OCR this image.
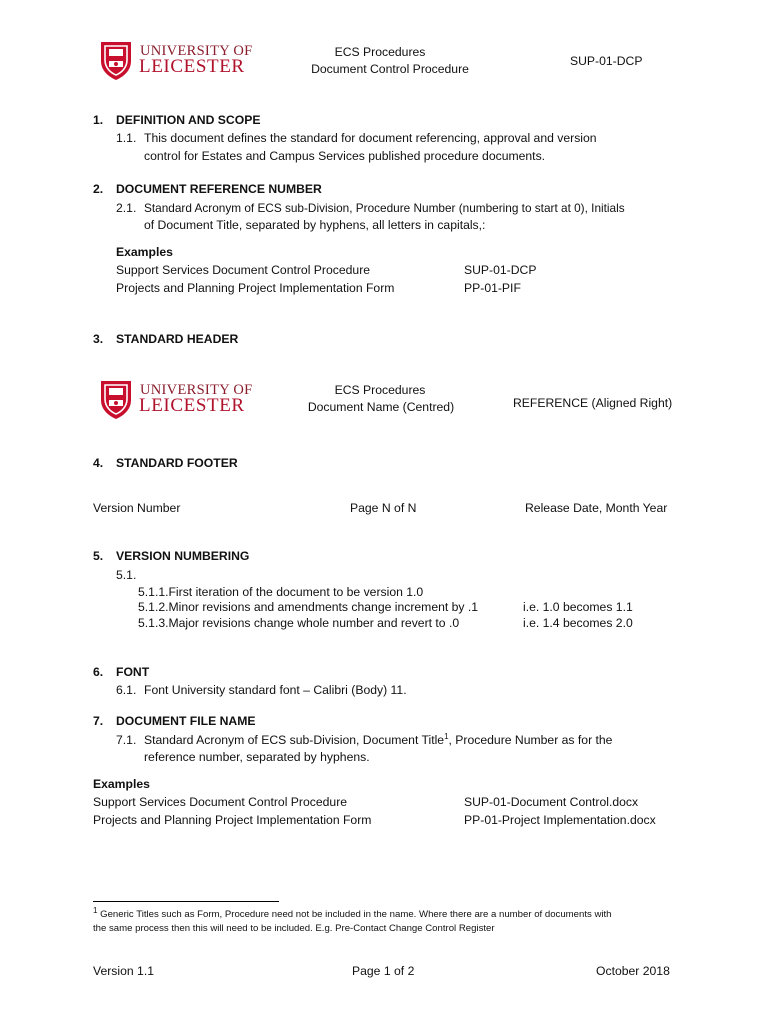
UNIVERSITY OF
LEICESTER
ECS Procedures
Document Control Procedure
SUP-01-DCP
1. DEFINITION AND SCOPE
1.1. This document defines the standard for document referencing, approval and version
control for Estates and Campus Services published procedure documents.
2. DOCUMENT REFERENCE NUMBER
2.1. Standard Acronym of ECS sub-Division, Procedure Number (numbering to start at 0), Initials
of Document Title, separated by hyphens, all letters in capitals,:
Examples
Support Services Document Control Procedure	SUP-01-DCP
Projects and Planning Project Implementation Form	PP-01-PIF
3. STANDARD HEADER
UNIVERSITY OF
LEICESTER
ECS Procedures
Document Name (Centred)	REFERENCE (Aligned Right)
4. STANDARD FOOTER
Version Number	Page N of N	Release Date, Month Year
5. VERSION NUMBERING
5.1.
5.1.1.First iteration of the document to be version 1.0
5.1.2.Minor revisions and amendments change increment by .1	i.e. 1.0 becomes 1.1
5.1.3.Major revisions change whole number and revert to .0	i.e. 1.4 becomes 2.0
6. FONT
6.1. Font University standard font – Calibri (Body) 11.
7. DOCUMENT FILE NAME
7.1. Standard Acronym of ECS sub-Division, Document Title$^1$, Procedure Number as for the
reference number, separated by hyphens.
Examples
Support Services Document Control Procedure	SUP-01-Document Control.docx
Projects and Planning Project Implementation Form	PP-01-Project Implementation.docx
$^1$ Generic Titles such as Form, Procedure need not be included in the name. Where there are a number of documents with
the same process then this will need to be included. E.g. Pre-Contact Change Control Register
Version 1.1	Page 1 of 2	October 2018
